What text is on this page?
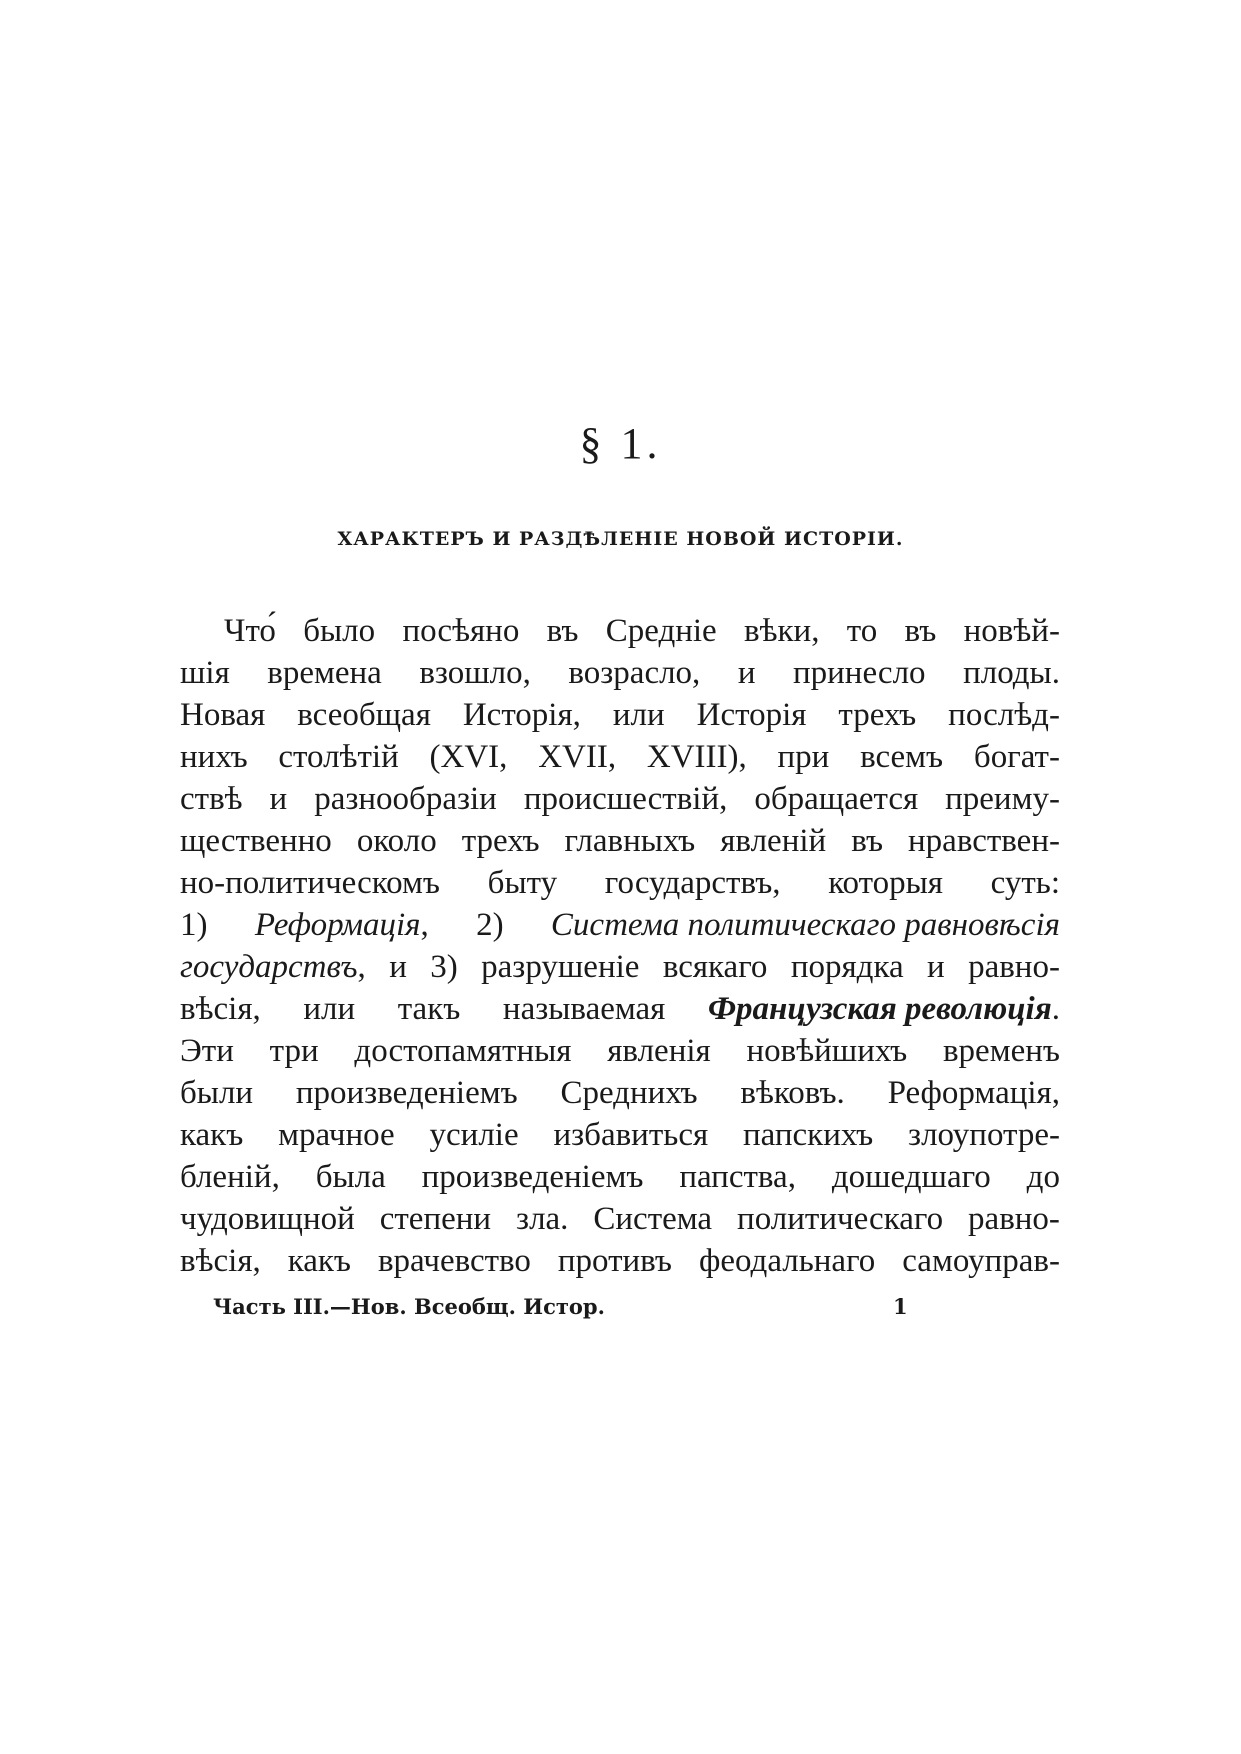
§ 1.
ХАРАКТЕРЪ И РАЗДѢЛЕНІЕ НОВОЙ ИСТОРІИ.
Что́ было посѣяно въ Средніе вѣки, то въ новѣй-
шія времена взошло, возрасло, и принесло плоды.
Новая всеобщая Исторія, или Исторія трехъ послѣд-
нихъ столѣтій (XVI, XVII, XVIII), при всемъ богат-
ствѣ и разнообразіи происшествій, обращается преиму-
щественно около трехъ главныхъ явленій въ нравствен-
но-политическомъ быту государствъ, которыя суть:
1) Реформація, 2) Система политическаго равновѣсія
государствъ, и 3) разрушеніе всякаго порядка и равно-
вѣсія, или такъ называемая Французская революція.
Эти три достопамятныя явленія новѣйшихъ временъ
были произведеніемъ Среднихъ вѣковъ. Реформація,
какъ мрачное усиліе избавиться папскихъ злоупотре-
бленій, была произведеніемъ папства, дошедшаго до
чудовищной степени зла. Система политическаго равно-
вѣсія, какъ врачевство противъ феодальнаго самоуправ-
Часть III.—Нов. Всеобщ. Истор.	1
